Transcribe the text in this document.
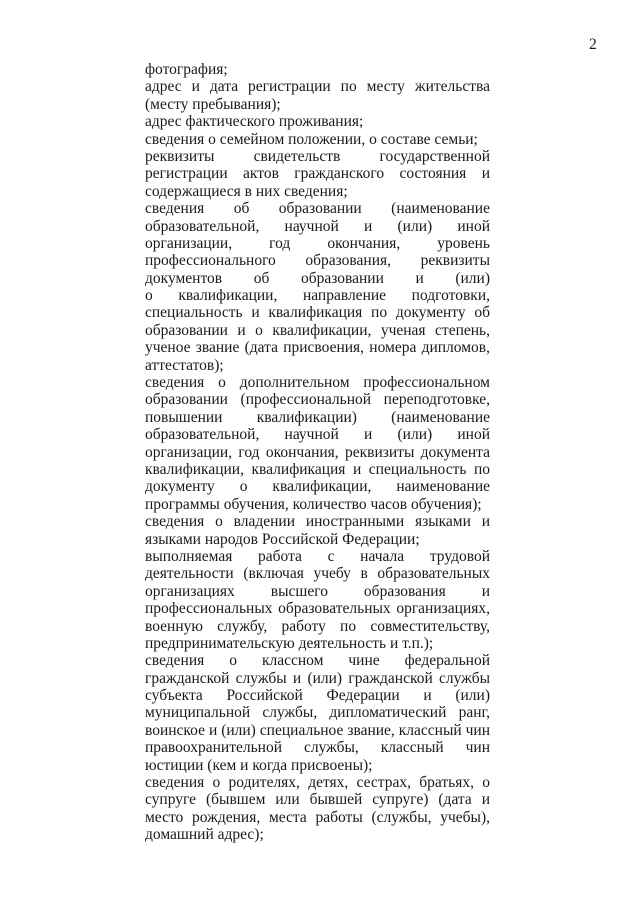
2
фотография;
адрес и дата регистрации по месту жительства
(месту пребывания);
адрес фактического проживания;
сведения о семейном положении, о составе семьи;
реквизиты свидетельств государственной
регистрации актов гражданского состояния и
содержащиеся в них сведения;
сведения об образовании (наименование
образовательной, научной и (или) иной
организации, год окончания, уровень
профессионального образования, реквизиты
документов об образовании и (или)
о квалификации, направление подготовки,
специальность и квалификация по документу об
образовании и о квалификации, ученая степень,
ученое звание (дата присвоения, номера дипломов,
аттестатов);
сведения о дополнительном профессиональном
образовании (профессиональной переподготовке,
повышении квалификации) (наименование
образовательной, научной и (или) иной
организации, год окончания, реквизиты документа
квалификации, квалификация и специальность по
документу о квалификации, наименование
программы обучения, количество часов обучения);
сведения о владении иностранными языками и
языками народов Российской Федерации;
выполняемая работа с начала трудовой
деятельности (включая учебу в образовательных
организациях высшего образования и
профессиональных образовательных организациях,
военную службу, работу по совместительству,
предпринимательскую деятельность и т.п.);
сведения о классном чине федеральной
гражданской службы и (или) гражданской службы
субъекта Российской Федерации и (или)
муниципальной службы, дипломатический ранг,
воинское и (или) специальное звание, классный чин
правоохранительной службы, классный чин
юстиции (кем и когда присвоены);
сведения о родителях, детях, сестрах, братьях, о
супруге (бывшем или бывшей супруге) (дата и
место рождения, места работы (службы, учебы),
домашний адрес);
